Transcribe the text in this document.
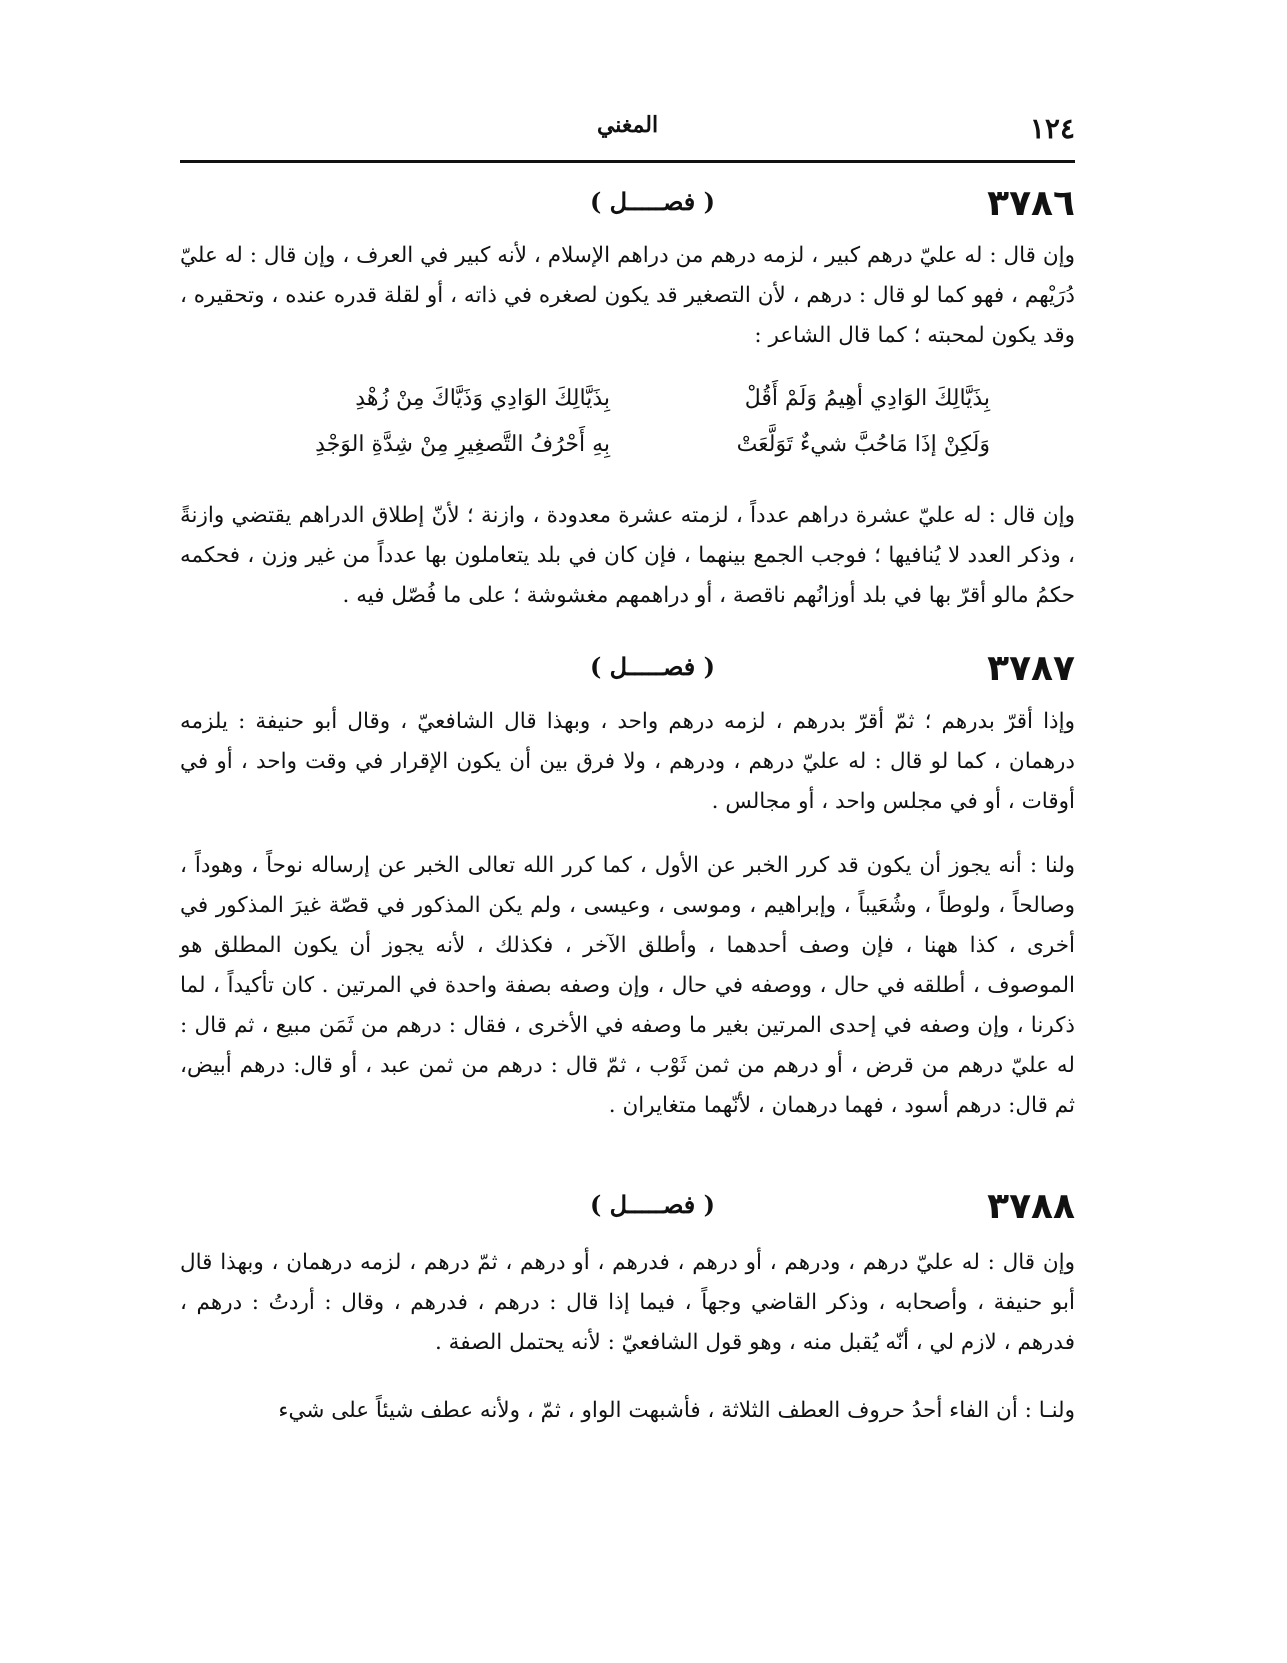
١٢٤
المغني
٣٧٨٦
( فصـــــل )

وإن قال : له عليّ درهم كبير ، لزمه درهم من دراهم الإسلام ، لأنه كبير في العرف ، وإن قال : له عليّ دُرَيْهم ، فهو كما لو قال : درهم ، لأن التصغير قد يكون لصغره في ذاته ، أو لقلة قدره عنده ، وتحقيره ، وقد يكون لمحبته ؛ كما قال الشاعر :

بِذَيَّالِكَ الوَادِي أهِيمُ وَلَمْ أَقُلْ
بِذَيَّالِكَ الوَادِي وَذَيَّاكَ مِنْ زُهْدِ
وَلَكِنْ إذَا مَاحُبَّ شيءٌ تَوَلَّعَتْ
بِهِ أَحْرُفُ التَّصغِيرِ مِنْ شِدَّةِ الوَجْدِ

وإن قال : له عليّ عشرة دراهم عدداً ، لزمته عشرة معدودة ، وازنة ؛ لأنّ إطلاق الدراهم يقتضي وازنةً ، وذكر العدد لا يُنافيها ؛ فوجب الجمع بينهما ، فإن كان في بلد يتعاملون بها عدداً من غير وزن ، فحكمه حكمُ مالو أقرّ بها في بلد أوزانُهم ناقصة ، أو دراهمهم مغشوشة ؛ على ما فُصّل فيه .

٣٧٨٧
( فصـــــل )

وإذا أقرّ بدرهم ؛ ثمّ أقرّ بدرهم ، لزمه درهم واحد ، وبهذا قال الشافعيّ ، وقال أبو حنيفة : يلزمه درهمان ، كما لو قال : له عليّ درهم ، ودرهم ، ولا فرق بين أن يكون الإقرار في وقت واحد ، أو في أوقات ، أو في مجلس واحد ، أو مجالس .

ولنا : أنه يجوز أن يكون قد كرر الخبر عن الأول ، كما كرر الله تعالى الخبر عن إرساله نوحاً ، وهوداً ، وصالحاً ، ولوطاً ، وشُعَيباً ، وإبراهيم ، وموسى ، وعيسى ، ولم يكن المذكور في قصّة غيرَ المذكور في أخرى ، كذا ههنا ، فإن وصف أحدهما ، وأطلق الآخر ، فكذلك ، لأنه يجوز أن يكون المطلق هو الموصوف ، أطلقه في حال ، ووصفه في حال ، وإن وصفه بصفة واحدة في المرتين . كان تأكيداً ، لما ذكرنا ، وإن وصفه في إحدى المرتين بغير ما وصفه في الأخرى ، فقال : درهم من ثَمَن مبيع ، ثم قال : له عليّ درهم من قرض ، أو درهم من ثمن ثَوْب ، ثمّ قال : درهم من ثمن عبد ، أو قال: درهم أبيض، ثم قال: درهم أسود ، فهما درهمان ، لأنّهما متغايران .

٣٧٨٨
( فصـــــل )

وإن قال : له عليّ درهم ، ودرهم ، أو درهم ، فدرهم ، أو درهم ، ثمّ درهم ، لزمه درهمان ، وبهذا قال أبو حنيفة ، وأصحابه ، وذكر القاضي وجهاً ، فيما إذا قال : درهم ، فدرهم ، وقال : أردتُ : درهم ، فدرهم ، لازم لي ، أنّه يُقبل منه ، وهو قول الشافعيّ : لأنه يحتمل الصفة .

ولنـا : أن الفاء أحدُ حروف العطف الثلاثة ، فأشبهت الواو ، ثمّ ، ولأنه عطف شيئاً على شيء
